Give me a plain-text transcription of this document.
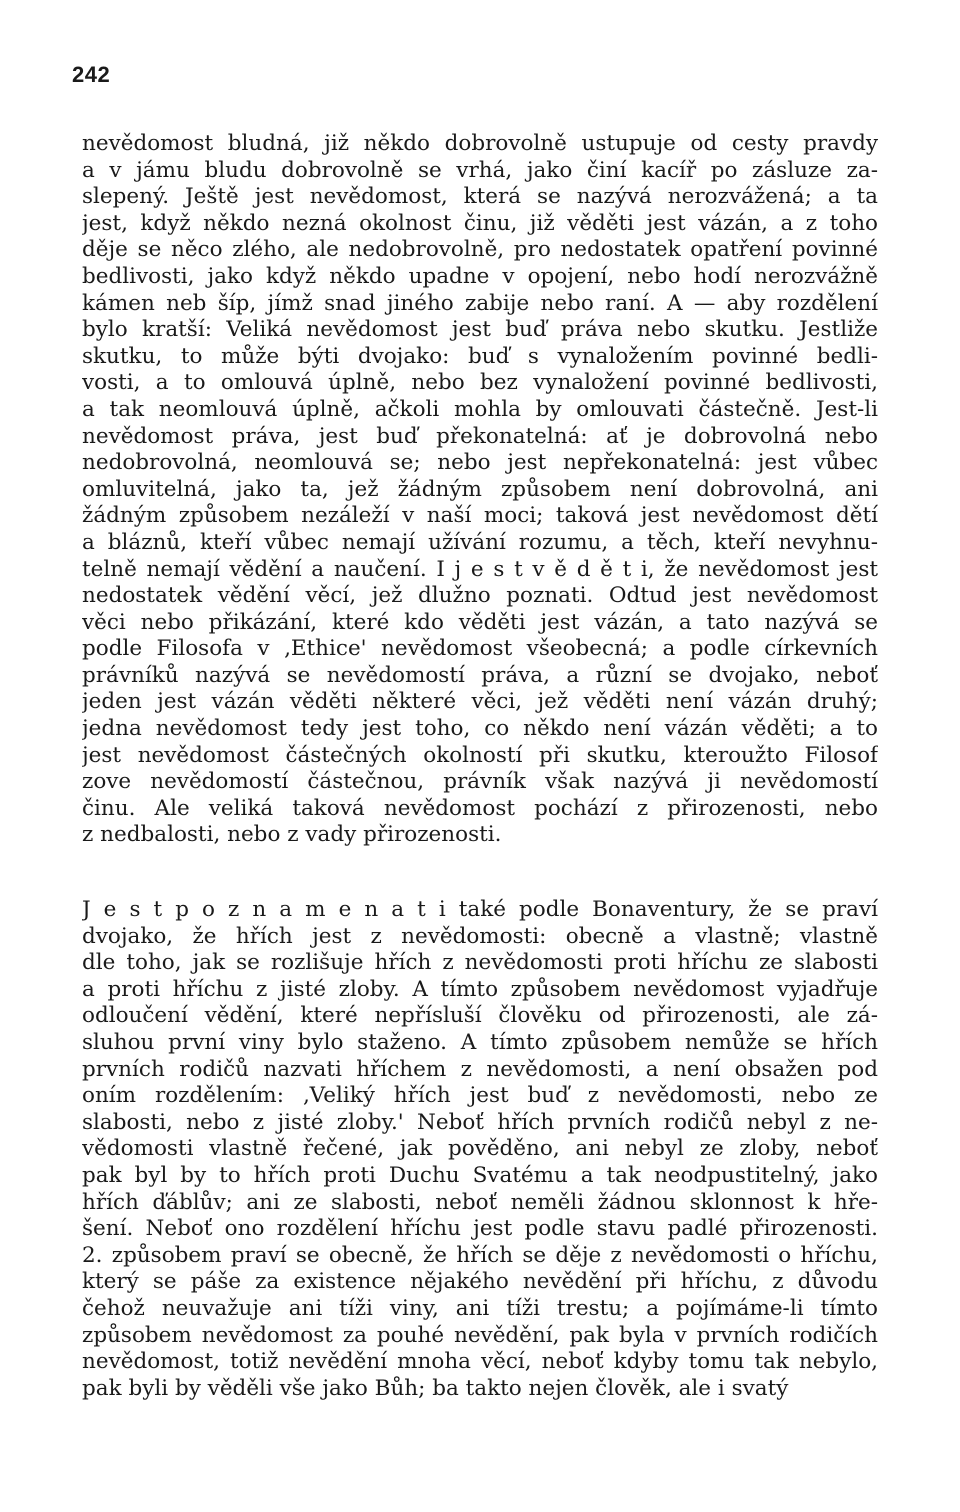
242
nevědomost bludná, již někdo dobrovolně ustupuje od cesty pravdy
a v jámu bludu dobrovolně se vrhá, jako činí kacíř po zásluze za-
slepený. Ještě jest nevědomost, která se nazývá nerozvážená; a ta
jest, když někdo nezná okolnost činu, již věděti jest vázán, a z toho
děje se něco zlého, ale nedobrovolně, pro nedostatek opatření povinné
bedlivosti, jako když někdo upadne v opojení, nebo hodí nerozvážně
kámen neb šíp, jímž snad jiného zabije nebo raní. A — aby rozdělení
bylo kratší: Veliká nevědomost jest buď práva nebo skutku. Jestliže
skutku, to může býti dvojako: buď s vynaložením povinné bedli-
vosti, a to omlouvá úplně, nebo bez vynaložení povinné bedlivosti,
a tak neomlouvá úplně, ačkoli mohla by omlouvati částečně. Jest-li
nevědomost práva, jest buď překonatelná: ať je dobrovolná nebo
nedobrovolná, neomlouvá se; nebo jest nepřekonatelná: jest vůbec
omluvitelná, jako ta, jež žádným způsobem není dobrovolná, ani
žádným způsobem nezáleží v naší moci; taková jest nevědomost dětí
a bláznů, kteří vůbec nemají užívání rozumu, a těch, kteří nevyhnu-
telně nemají vědění a naučení. I j e s t v ě d ě t i, že nevědomost jest
nedostatek vědění věcí, jež dlužno poznati. Odtud jest nevědomost
věci nebo přikázání, které kdo věděti jest vázán, a tato nazývá se
podle Filosofa v ‚Ethice' nevědomost všeobecná; a podle církevních
právníků nazývá se nevědomostí práva, a různí se dvojako, neboť
jeden jest vázán věděti některé věci, jež věděti není vázán druhý;
jedna nevědomost tedy jest toho, co někdo není vázán věděti; a to
jest nevědomost částečných okolností při skutku, kteroužto Filosof
zove nevědomostí částečnou, právník však nazývá ji nevědomostí
činu. Ale veliká taková nevědomost pochází z přirozenosti, nebo
z nedbalosti, nebo z vady přirozenosti.
J e s t p o z n a m e n a t i také podle Bonaventury, že se praví
dvojako, že hřích jest z nevědomosti: obecně a vlastně; vlastně
dle toho, jak se rozlišuje hřích z nevědomosti proti hříchu ze slabosti
a proti hříchu z jisté zloby. A tímto způsobem nevědomost vyjadřuje
odloučení vědění, které nepřísluší člověku od přirozenosti, ale zá-
sluhou první viny bylo staženo. A tímto způsobem nemůže se hřích
prvních rodičů nazvati hříchem z nevědomosti, a není obsažen pod
oním rozdělením: ‚Veliký hřích jest buď z nevědomosti, nebo ze
slabosti, nebo z jisté zloby.' Neboť hřích prvních rodičů nebyl z ne-
vědomosti vlastně řečené, jak pověděno, ani nebyl ze zloby, neboť
pak byl by to hřích proti Duchu Svatému a tak neodpustitelný, jako
hřích ďáblův; ani ze slabosti, neboť neměli žádnou sklonnost k hře-
šení. Neboť ono rozdělení hříchu jest podle stavu padlé přirozenosti.
2. způsobem praví se obecně, že hřích se děje z nevědomosti o hříchu,
který se páše za existence nějakého nevědění při hříchu, z důvodu
čehož neuvažuje ani tíži viny, ani tíži trestu; a pojímáme-li tímto
způsobem nevědomost za pouhé nevědění, pak byla v prvních rodičích
nevědomost, totiž nevědění mnoha věcí, neboť kdyby tomu tak nebylo,
pak byli by věděli vše jako Bůh; ba takto nejen člověk, ale i svatý
